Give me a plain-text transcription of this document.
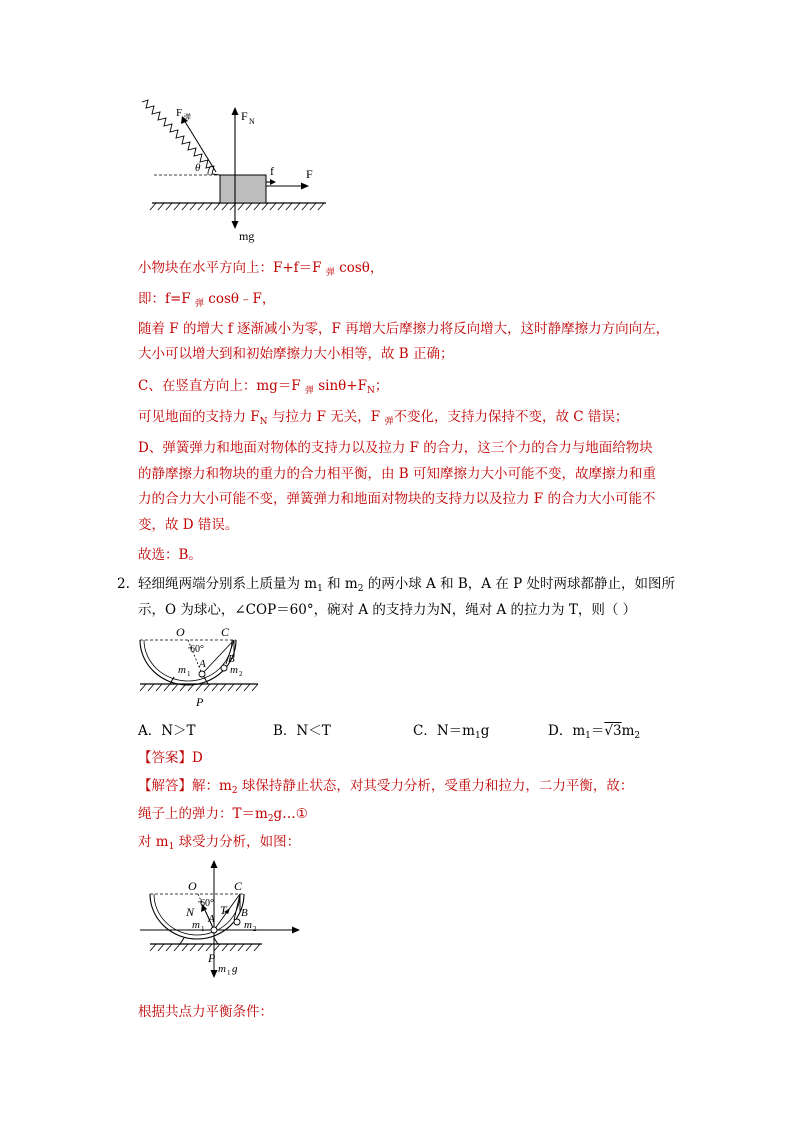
F 弹
θ
F N
mg
f	F
小物块在水平方向上：F+f＝F $_弹$ cosθ，
即：f=F $_弹$ cosθ﹣F，
随着 F 的增大 f 逐渐减小为零，F 再增大后摩擦力将反向增大，这时静摩擦力方向向左，
大小可以增大到和初始摩擦力大小相等，故 B 正确；
C、在竖直方向上：mg＝F $_弹$ $\sin\theta+F_N$；
可见地面的支持力 $F_N$ 与拉力 F 无关，F $_弹$不变化，支持力保持不变，故 C 错误；
D、弹簧弹力和地面对物体的支持力以及拉力 F 的合力，这三个力的合力与地面给物块
的静摩擦力和物块的重力的合力相平衡，由 B 可知摩擦力大小可能不变，故摩擦力和重
力的合力大小可能不变，弹簧弹力和地面对物块的支持力以及拉力 F 的合力大小可能不
变，故 D 错误。
故选：B。
2. 轻细绳两端分别系上质量为 $m_1$ 和 $m_2$ 的两小球 A 和 B，A 在 P 处时两球都静止，如图所
示，O 为球心，∠COP＝60°，碗对 A 的支持力为N，绳对 A 的拉力为 T，则（ ）
O	C
60°
A B
m 1	m 2
P
A．N＞T	B．N＜T	C．$N=m_1g$	D．$m_1=√3m_2$
【答案】D
【解答】解：$m_2$ 球保持静止状态，对其受力分析，受重力和拉力，二力平衡，故：
绳子上的弹力：$T=m_2g\dots ①$
对 $m_1$ 球受力分析，如图：
O	C
60°
N T
A B
m 1	m 2
P
m 1 g
根据共点力平衡条件：
